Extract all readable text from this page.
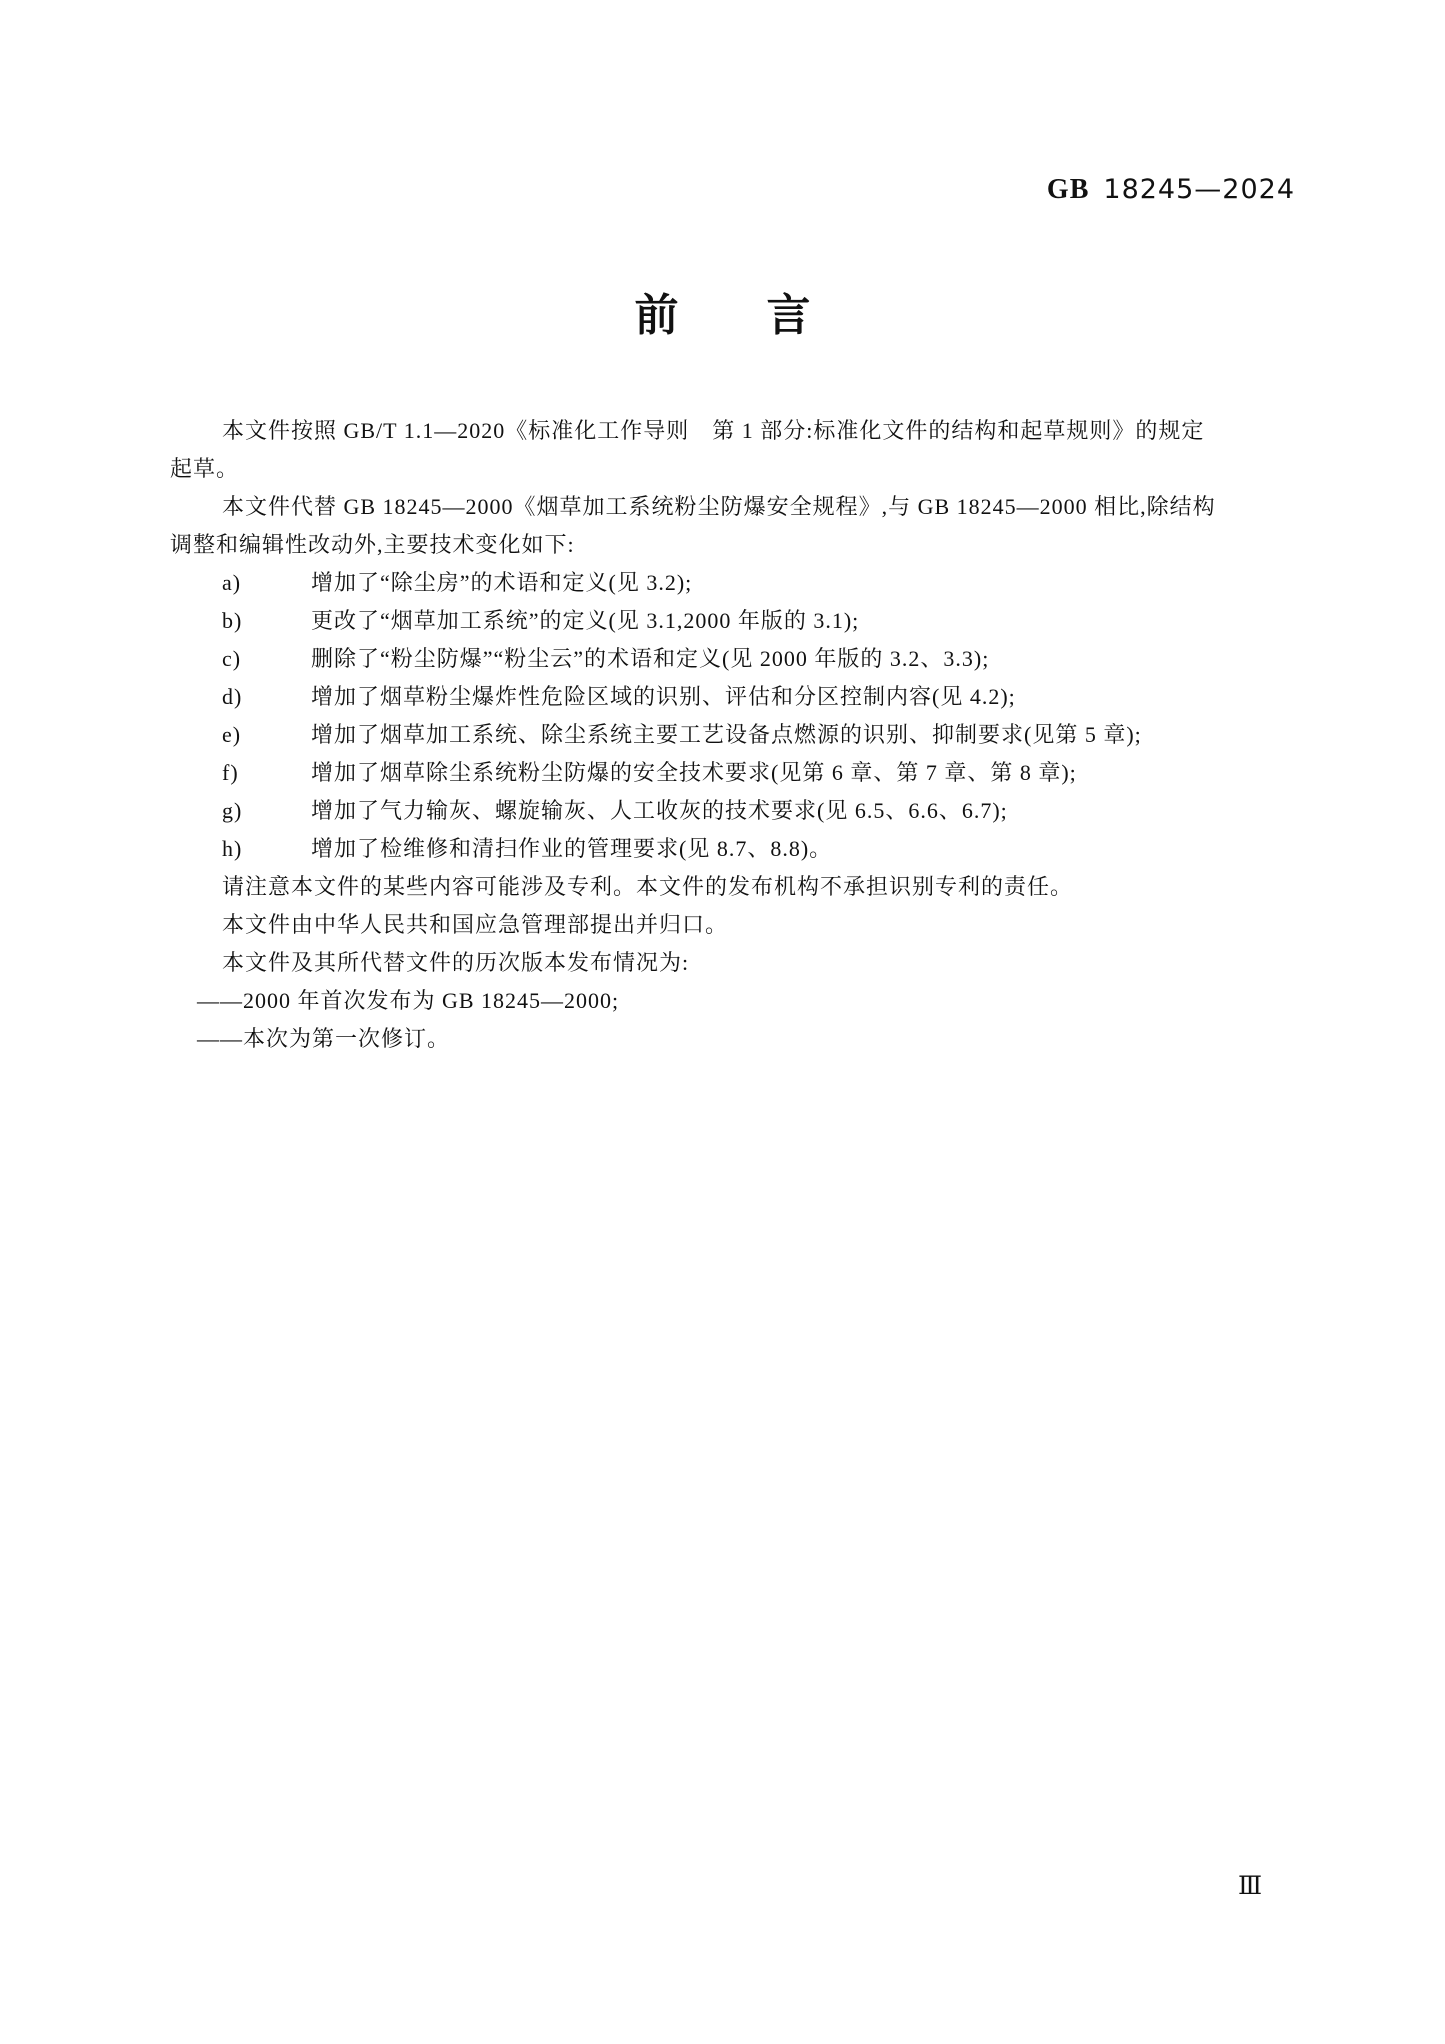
GB 18245—2024
前　　言
本文件按照 GB/T 1.1—2020《标准化工作导则　第 1 部分:标准化文件的结构和起草规则》的规定
起草。
本文件代替 GB 18245—2000《烟草加工系统粉尘防爆安全规程》,与 GB 18245—2000 相比,除结构
调整和编辑性改动外,主要技术变化如下:
a)	增加了“除尘房”的术语和定义(见 3.2);
b)	更改了“烟草加工系统”的定义(见 3.1,2000 年版的 3.1);
c)	删除了“粉尘防爆”“粉尘云”的术语和定义(见 2000 年版的 3.2、3.3);
d)	增加了烟草粉尘爆炸性危险区域的识别、评估和分区控制内容(见 4.2);
e)	增加了烟草加工系统、除尘系统主要工艺设备点燃源的识别、抑制要求(见第 5 章);
f)	增加了烟草除尘系统粉尘防爆的安全技术要求(见第 6 章、第 7 章、第 8 章);
g)	增加了气力输灰、螺旋输灰、人工收灰的技术要求(见 6.5、6.6、6.7);
h)	增加了检维修和清扫作业的管理要求(见 8.7、8.8)。
请注意本文件的某些内容可能涉及专利。本文件的发布机构不承担识别专利的责任。
本文件由中华人民共和国应急管理部提出并归口。
本文件及其所代替文件的历次版本发布情况为:
——2000 年首次发布为 GB 18245—2000;
——本次为第一次修订。
Ⅲ
